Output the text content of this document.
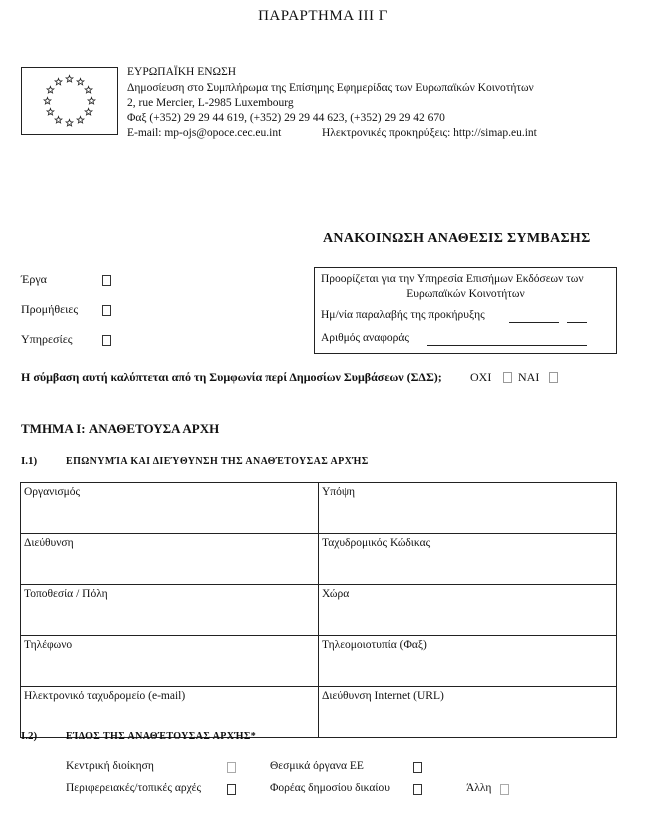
ΠΑΡΑΡΤΗΜΑ ΙΙΙ Γ
ΕΥΡΩΠΑΪΚΗ ΕΝΩΣΗ
Δημοσίευση στο Συμπλήρωμα της Επίσημης Εφημερίδας των Ευρωπαϊκών Κοινοτήτων
2, rue Mercier, L-2985 Luxembourg
Φαξ (+352) 29 29 44 619, (+352) 29 29 44 623, (+352) 29 29 42 670
E-mail: mp-ojs@opoce.cec.eu.int	Ηλεκτρονικές προκηρύξεις: http://simap.eu.int
ΑΝΑΚΟΙΝΩΣΗ ΑΝΑΘΕΣΙΣ ΣΥΜΒΑΣΗΣ
Έργα
Προμήθειες
Υπηρεσίες
Προορίζεται για την Υπηρεσία Επισήμων Εκδόσεων των
Ευρωπαϊκών Κοινοτήτων
Ημ/νία παραλαβής της προκήρυξης
Αριθμός αναφοράς
Η σύμβαση αυτή καλύπτεται από τη Συμφωνία περί Δημοσίων Συμβάσεων (ΣΔΣ); ΟΧΙ ΝΑΙ
ΤΜΗΜΑ I: ΑΝΑΘΕΤΟΥΣΑ ΑΡΧΗ
I.1)	ΕΠΩΝΥΜΊΑ ΚΑΙ ΔΙΕΎΘΥΝΣΗ ΤΗΣ ΑΝΑΘΈΤΟΥΣΑΣ ΑΡΧΉΣ
Οργανισμός	Υπόψη
Διεύθυνση	Ταχυδρομικός Κώδικας
Τοποθεσία / Πόλη	Χώρα
Τηλέφωνο	Τηλεομοιοτυπία (Φαξ)
Ηλεκτρονικό ταχυδρομείο (e-mail)	Διεύθυνση Internet (URL)
I.2)	ΕΊΔΟΣ ΤΗΣ ΑΝΑΘΈΤΟΥΣΑΣ ΑΡΧΉΣ*
Κεντρική διοίκηση	Θεσμικά όργανα ΕΕ
Περιφερειακές/τοπικές αρχές	Φορέας δημοσίου δικαίου	Άλλη
